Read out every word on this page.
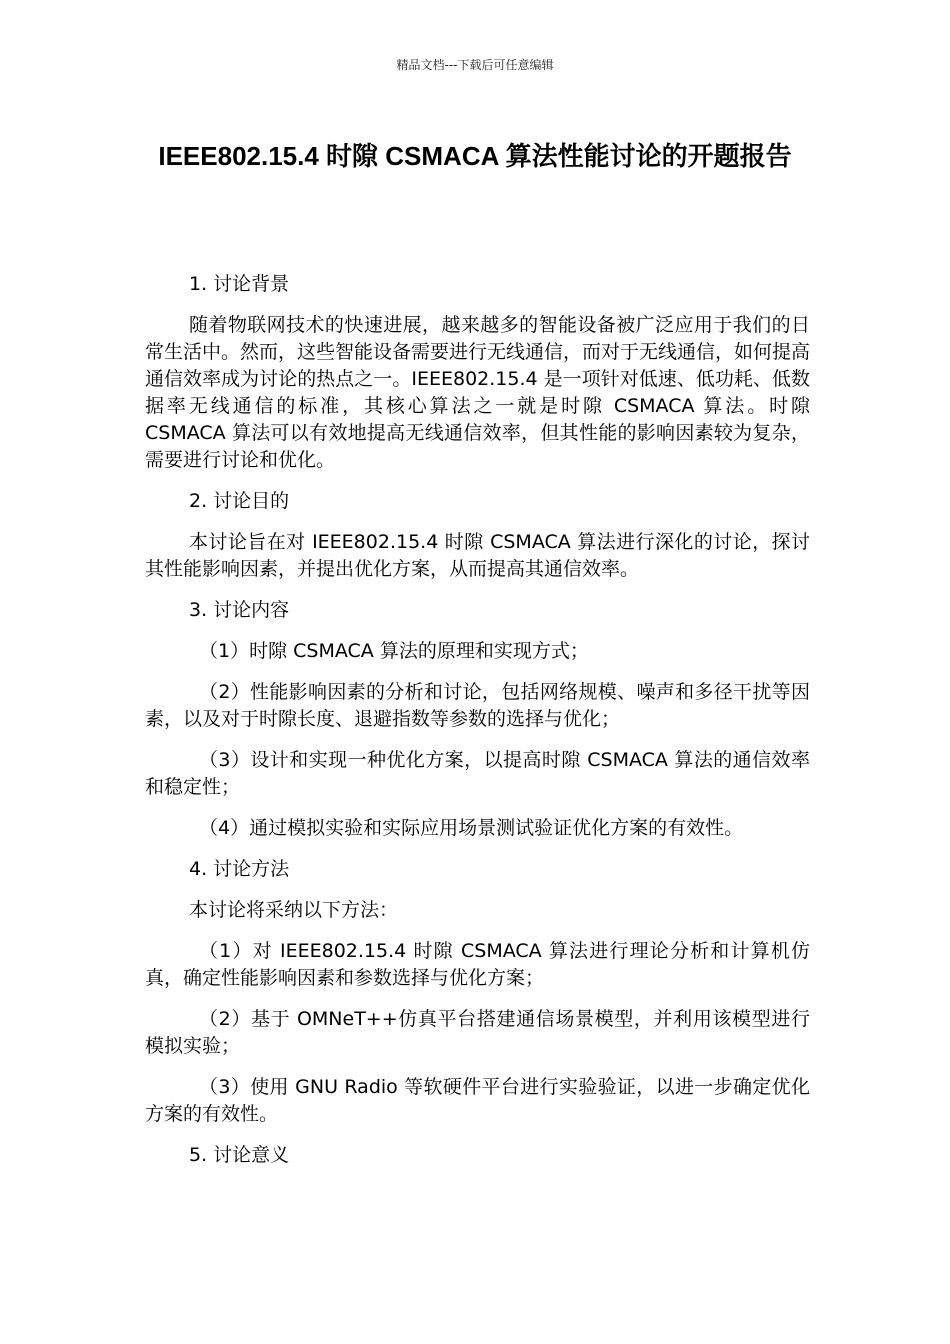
精品文档---下载后可任意编辑
IEEE802.15.4 时隙 CSMACA 算法性能讨论的开题报告

1. 讨论背景

随着物联网技术的快速进展，越来越多的智能设备被广泛应用于我们的日常生活中。然而，这些智能设备需要进行无线通信，而对于无线通信，如何提高通信效率成为讨论的热点之一。IEEE802.15.4 是一项针对低速、低功耗、低数据率无线通信的标准，其核心算法之一就是时隙 CSMACA 算法。时隙 CSMACA 算法可以有效地提高无线通信效率，但其性能的影响因素较为复杂，需要进行讨论和优化。

2. 讨论目的

本讨论旨在对 IEEE802.15.4 时隙 CSMACA 算法进行深化的讨论，探讨其性能影响因素，并提出优化方案，从而提高其通信效率。

3. 讨论内容

（1）时隙 CSMACA 算法的原理和实现方式；

（2）性能影响因素的分析和讨论，包括网络规模、噪声和多径干扰等因素，以及对于时隙长度、退避指数等参数的选择与优化；

（3）设计和实现一种优化方案，以提高时隙 CSMACA 算法的通信效率和稳定性；

（4）通过模拟实验和实际应用场景测试验证优化方案的有效性。

4. 讨论方法

本讨论将采纳以下方法：

（1）对 IEEE802.15.4 时隙 CSMACA 算法进行理论分析和计算机仿真，确定性能影响因素和参数选择与优化方案；

（2）基于 OMNeT++仿真平台搭建通信场景模型，并利用该模型进行模拟实验；

（3）使用 GNU Radio 等软硬件平台进行实验验证，以进一步确定优化方案的有效性。

5. 讨论意义
